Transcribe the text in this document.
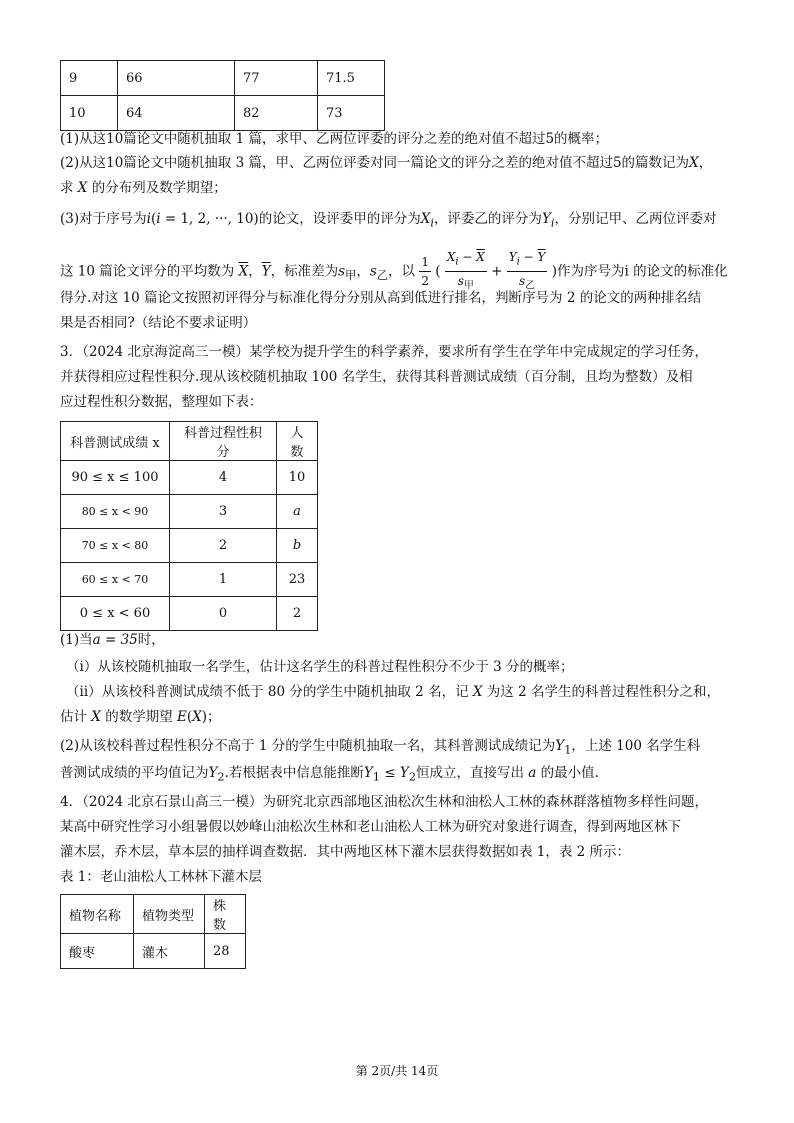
9	66	77	71.5
10	64	82	73
(1)从这10篇论文中随机抽取 1 篇，求甲、乙两位评委的评分之差的绝对值不超过5的概率；
(2)从这10篇论文中随机抽取 3 篇，甲、乙两位评委对同一篇论文的评分之差的绝对值不超过5的篇数记为X，
求 X 的分布列及数学期望；
(3)对于序号为i(i = 1, 2, ···, 10)的论文，设评委甲的评分为$X_i$，评委乙的评分为$Y_i$，分别记甲、乙两位评委对
这 10 篇论文评分的平均数为 $\overline{X}$，$\overline{Y}$，标准差为$s_甲$，$s_乙$，以 $\frac{1}{2}$ ( $\frac{X_i - \overline{X}}{s_甲} + \frac{Y_i - \overline{Y}}{s_乙}$ )作为序号为i 的论文的标准化
得分.对这 10 篇论文按照初评得分与标准化得分分别从高到低进行排名，判断序号为 2 的论文的两种排名结
果是否相同?（结论不要求证明）
3．（2024 北京海淀高三一模）某学校为提升学生的科学素养，要求所有学生在学年中完成规定的学习任务，
并获得相应过程性积分.现从该校随机抽取 100 名学生，获得其科普测试成绩（百分制，且均为整数）及相
应过程性积分数据，整理如下表：
科普测试成绩 x	科普过程性积分	人数
90 ≤ x ≤ 100	4	10
80 ≤ x < 90	3	a
70 ≤ x < 80	2	b
60 ≤ x < 70	1	23
0 ≤ x < 60	0	2
(1)当a = 35时，
（i）从该校随机抽取一名学生，估计这名学生的科普过程性积分不少于 3 分的概率；
（ii）从该校科普测试成绩不低于 80 分的学生中随机抽取 2 名，记 X 为这 2 名学生的科普过程性积分之和，
估计 X 的数学期望 E(X)；
(2)从该校科普过程性积分不高于 1 分的学生中随机抽取一名，其科普测试成绩记为$Y_1$，上述 100 名学生科
普测试成绩的平均值记为$Y_2$.若根据表中信息能推断$Y_1 \le Y_2$恒成立，直接写出 a 的最小值.
4．（2024 北京石景山高三一模）为研究北京西部地区油松次生林和油松人工林的森林群落植物多样性问题，
某高中研究性学习小组暑假以妙峰山油松次生林和老山油松人工林为研究对象进行调查，得到两地区林下
灌木层，乔木层，草本层的抽样调查数据．其中两地区林下灌木层获得数据如表 1，表 2 所示：
表 1：老山油松人工林林下灌木层
植物名称	植物类型	株数
酸枣	灌木	28
第 2页/共 14页
